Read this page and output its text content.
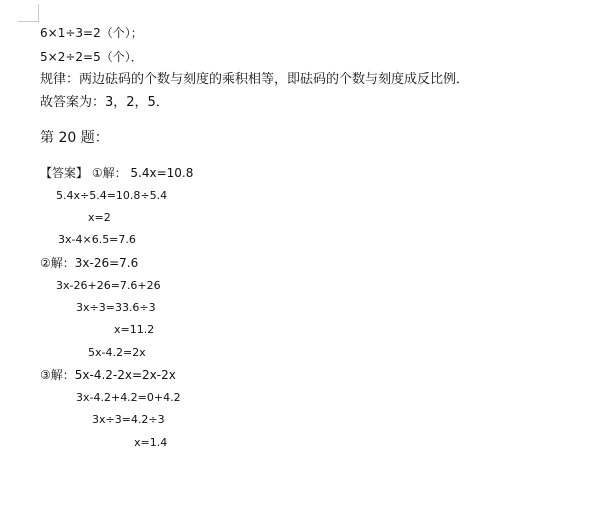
6×1÷3=2（个）；
5×2÷2=5（个）．
规律：两边砝码的个数与刻度的乘积相等，即砝码的个数与刻度成反比例．
故答案为：3，2，5．
第 20 题：
【答案】 ①解： 5.4x=10.8
5.4x÷5.4=10.8÷5.4
x=2
3x-4×6.5=7.6
②解：3x-26=7.6
3x-26+26=7.6+26
3x÷3=33.6÷3
x=11.2
5x-4.2=2x
③解：5x-4.2-2x=2x-2x
3x-4.2+4.2=0+4.2
3x÷3=4.2÷3
x=1.4
